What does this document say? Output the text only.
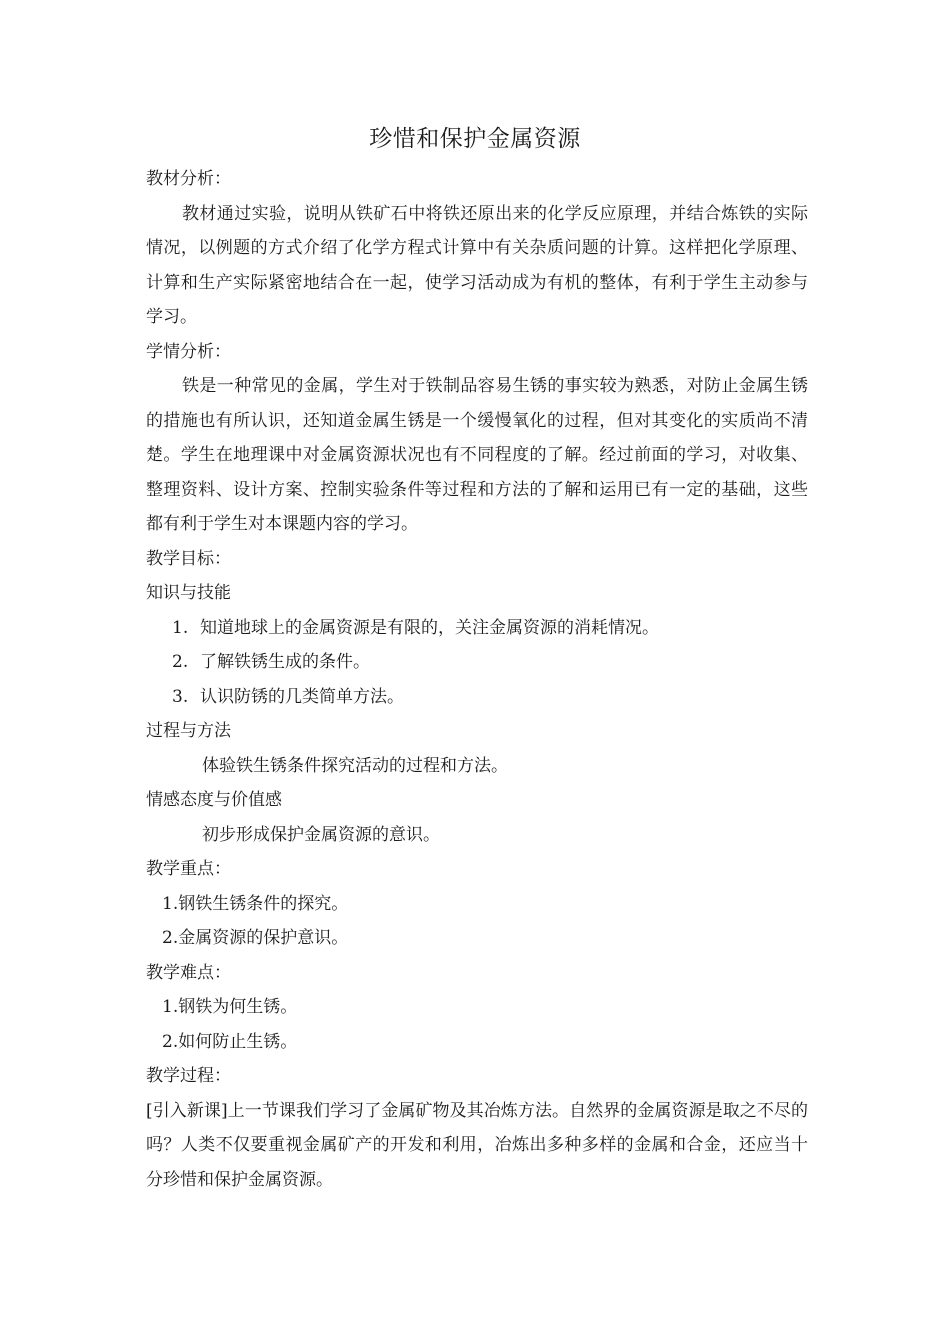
珍惜和保护金属资源

教材分析：

教材通过实验，说明从铁矿石中将铁还原出来的化学反应原理，并结合炼铁的实际情况，以例题的方式介绍了化学方程式计算中有关杂质问题的计算。这样把化学原理、计算和生产实际紧密地结合在一起，使学习活动成为有机的整体，有利于学生主动参与学习。

学情分析：

铁是一种常见的金属，学生对于铁制品容易生锈的事实较为熟悉，对防止金属生锈的措施也有所认识，还知道金属生锈是一个缓慢氧化的过程，但对其变化的实质尚不清楚。学生在地理课中对金属资源状况也有不同程度的了解。经过前面的学习，对收集、整理资料、设计方案、控制实验条件等过程和方法的了解和运用已有一定的基础，这些都有利于学生对本课题内容的学习。

教学目标：

知识与技能

1. 知道地球上的金属资源是有限的，关注金属资源的消耗情况。

2. 了解铁锈生成的条件。

3. 认识防锈的几类简单方法。

过程与方法

体验铁生锈条件探究活动的过程和方法。

情感态度与价值感

初步形成保护金属资源的意识。

教学重点：

1.钢铁生锈条件的探究。

2.金属资源的保护意识。

教学难点：

1.钢铁为何生锈。

2.如何防止生锈。

教学过程：

[引入新课]上一节课我们学习了金属矿物及其冶炼方法。自然界的金属资源是取之不尽的吗？人类不仅要重视金属矿产的开发和利用，冶炼出多种多样的金属和合金，还应当十分珍惜和保护金属资源。
